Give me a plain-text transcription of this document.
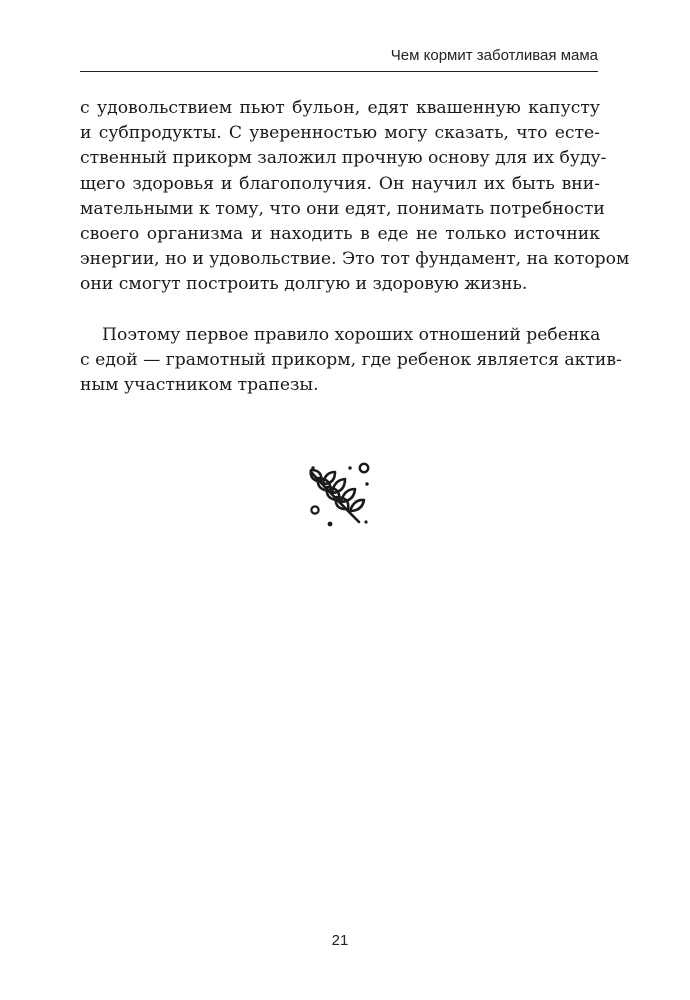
Чем кормит заботливая мама
с удовольствием пьют бульон, едят квашенную капусту
и субпродукты. С уверенностью могу сказать, что есте-
ственный прикорм заложил прочную основу для их буду-
щего здоровья и благополучия. Он научил их быть вни-
мательными к тому, что они едят, понимать потребности
своего организма и находить в еде не только источник
энергии, но и удовольствие. Это тот фундамент, на котором
они смогут построить долгую и здоровую жизнь.
Поэтому первое правило хороших отношений ребенка
с едой — грамотный прикорм, где ребенок является актив-
ным участником трапезы.
21
